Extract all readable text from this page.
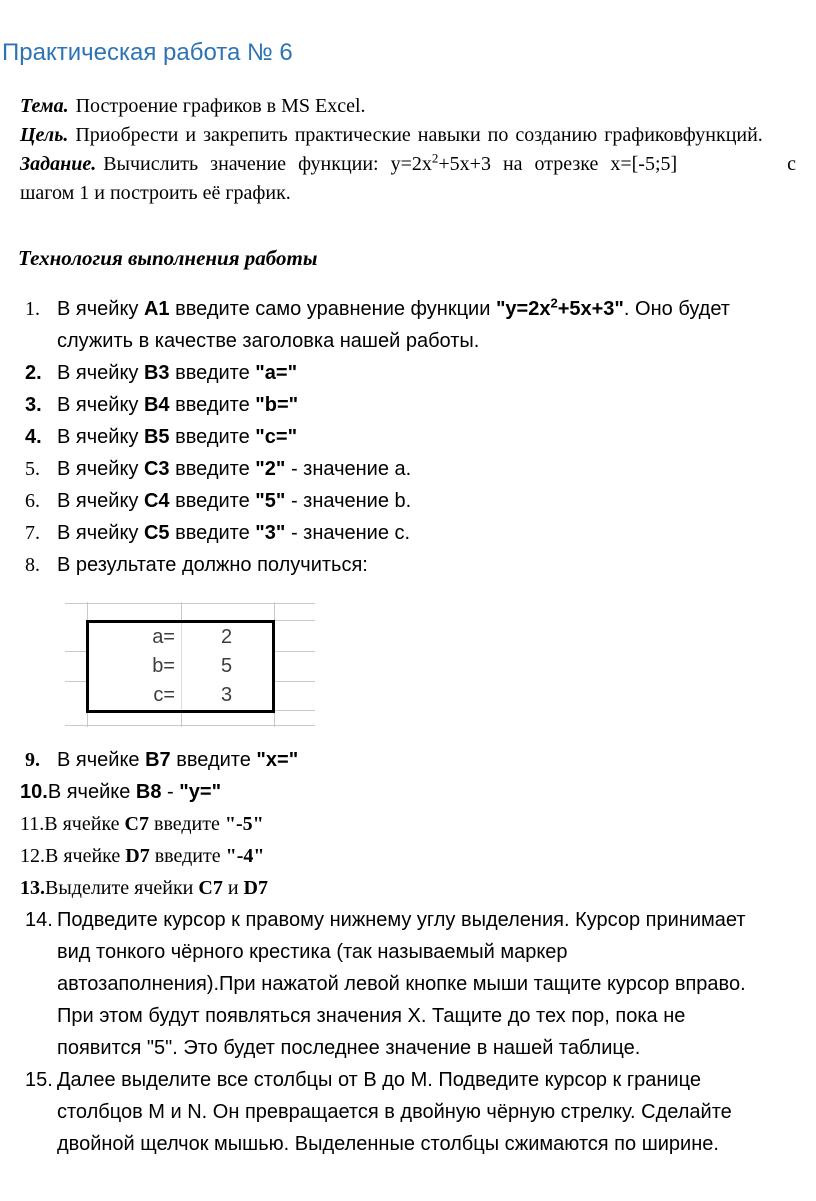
Практическая работа № 6

Тема. Построение графиков в MS Excel.

Цель. Приобрести и закрепить практические навыки по созданию графиковфункций.

Задание. Вычислить значение функции: $y=2x^2+5x+3$ на отрезке x=[-5;5]	с
шагом 1 и построить её график.
Технология выполнения работы
1. В ячейку А1 введите само уравнение функции "$y=2x^2+5x+3$". Оно будет
служить в качестве заголовка нашей работы.
2. В ячейку В3 введите "a="
3. В ячейку В4 введите "b="
4. В ячейку В5 введите "c="
5. В ячейку С3 введите "2" - значение a.
6. В ячейку С4 введите "5" - значение b.
7. В ячейку С5 введите "3" - значение c.
8. В результате должно получиться:
a=	2
b=	5
c=	3
9. В ячейке В7 введите "x="
10.В ячейке В8 - "y="
11.В ячейке С7 введите "-5"
12.В ячейке D7 введите "-4"
13.Выделите ячейки С7 и D7
14. Подведите курсор к правому нижнему углу выделения. Курсор принимает
вид тонкого чёрного крестика (так называемый маркер
автозаполнения).При нажатой левой кнопке мыши тащите курсор вправо.
При этом будут появляться значения X. Тащите до тех пор, пока не
появится "5". Это будет последнее значение в нашей таблице.
15. Далее выделите все столбцы от В до М. Подведите курсор к границе
столбцов М и N. Он превращается в двойную чёрную стрелку. Сделайте
двойной щелчок мышью. Выделенные столбцы сжимаются по ширине.
